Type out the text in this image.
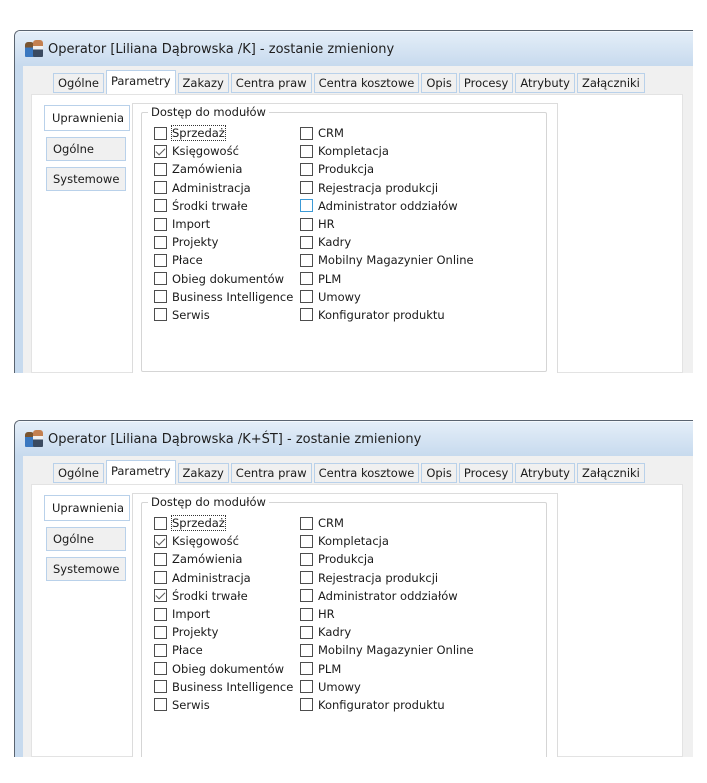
Operator [Liliana Dąbrowska /K] - zostanie zmieniony
Ogólne	Parametry	Zakazy	Centra praw	Centra kosztowe	Opis	Procesy	Atrybuty	Załączniki
Uprawnienia
Ogólne
Systemowe
Dostęp do modułów
Sprzedaż
Księgowość
Zamówienia
Administracja
Środki trwałe
Import
Projekty
Płace
Obieg dokumentów
Business Intelligence
Serwis
CRM
Kompletacja
Produkcja
Rejestracja produkcji
Administrator oddziałów
HR
Kadry
Mobilny Magazynier Online
PLM
Umowy
Konfigurator produktu
Operator [Liliana Dąbrowska /K+ŚT] - zostanie zmieniony
Ogólne	Parametry	Zakazy	Centra praw	Centra kosztowe	Opis	Procesy	Atrybuty	Załączniki
Uprawnienia
Ogólne
Systemowe
Dostęp do modułów
Sprzedaż
Księgowość
Zamówienia
Administracja
Środki trwałe
Import
Projekty
Płace
Obieg dokumentów
Business Intelligence
Serwis
CRM
Kompletacja
Produkcja
Rejestracja produkcji
Administrator oddziałów
HR
Kadry
Mobilny Magazynier Online
PLM
Umowy
Konfigurator produktu
